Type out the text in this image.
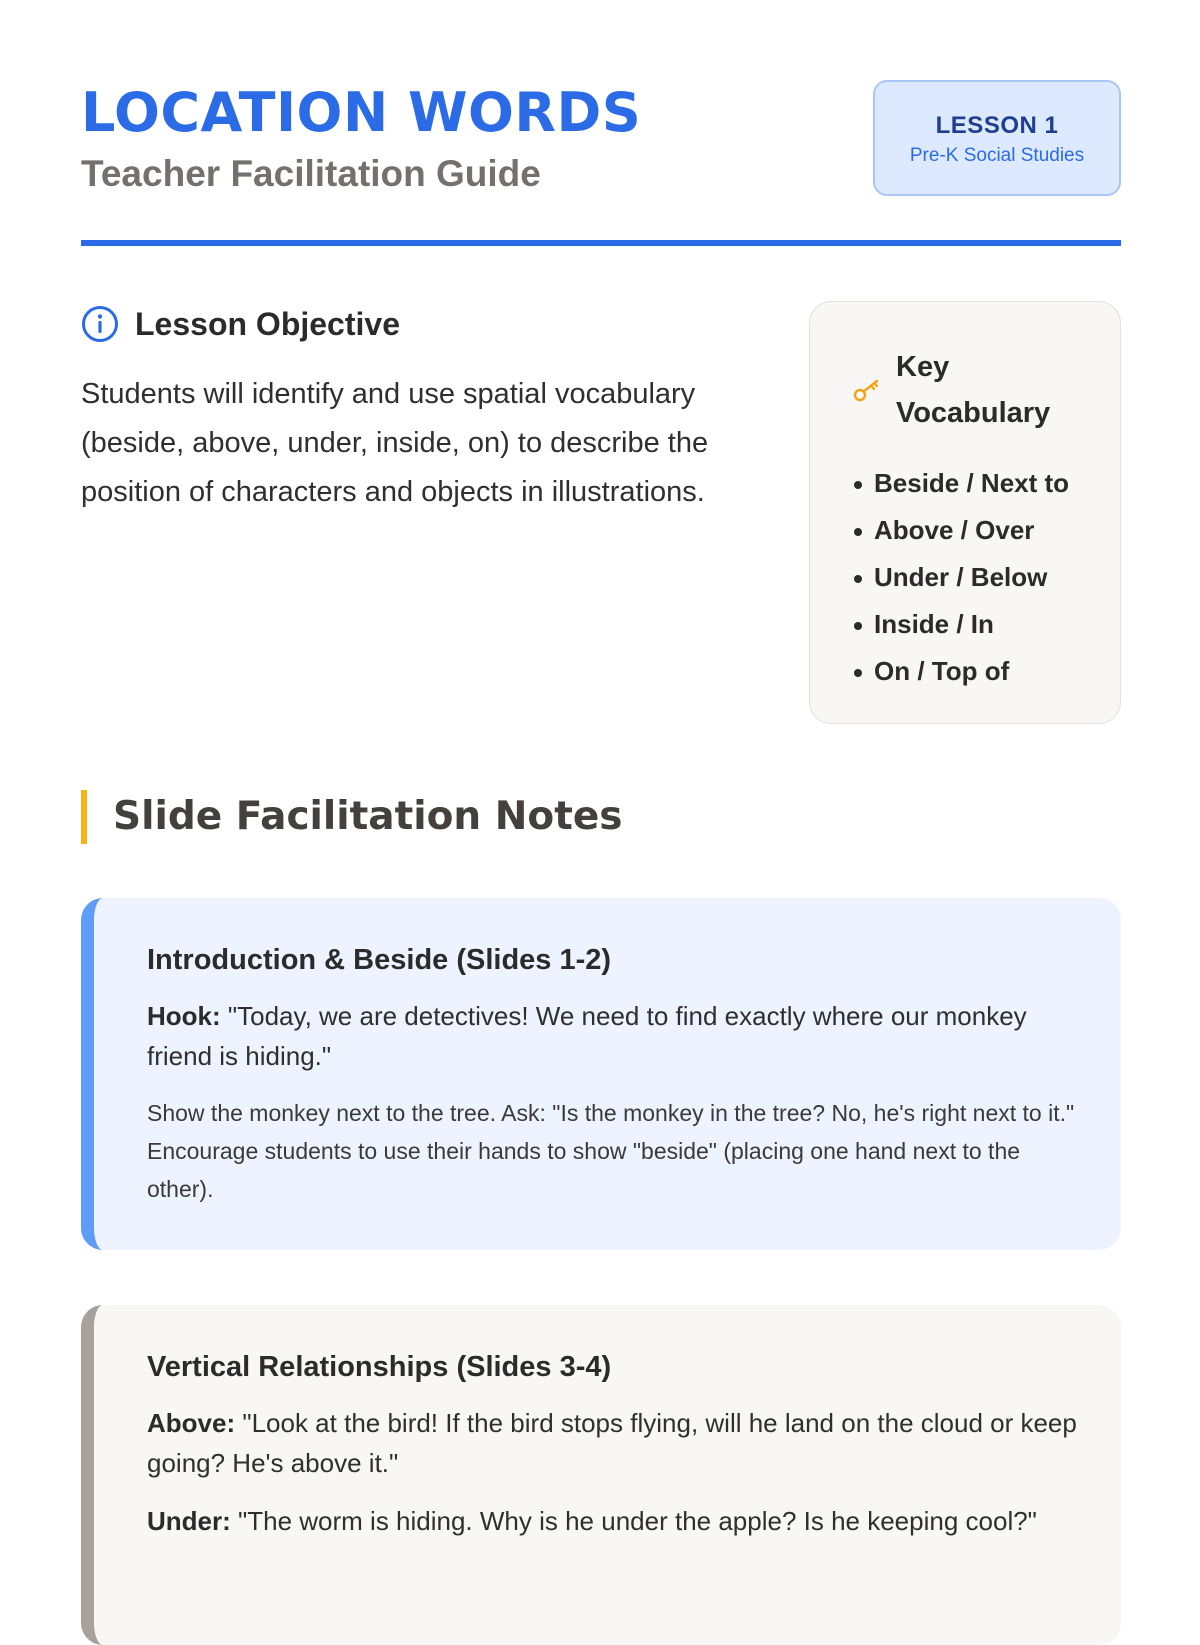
LOCATION WORDS
Teacher Facilitation Guide
LESSON 1
Pre-K Social Studies
Lesson Objective

Students will identify and use spatial vocabulary (beside, above, under, inside, on) to describe the position of characters and objects in illustrations.

Key Vocabulary
Beside / Next to
Above / Over
Under / Below
Inside / In
On / Top of
Slide Facilitation Notes
Introduction & Beside (Slides 1-2)

Hook: "Today, we are detectives! We need to find exactly where our monkey friend is hiding."

Show the monkey next to the tree. Ask: "Is the monkey in the tree? No, he's right next to it." Encourage students to use their hands to show "beside" (placing one hand next to the other).

Vertical Relationships (Slides 3-4)

Above: "Look at the bird! If the bird stops flying, will he land on the cloud or keep going? He's above it."

Under: "The worm is hiding. Why is he under the apple? Is he keeping cool?"
